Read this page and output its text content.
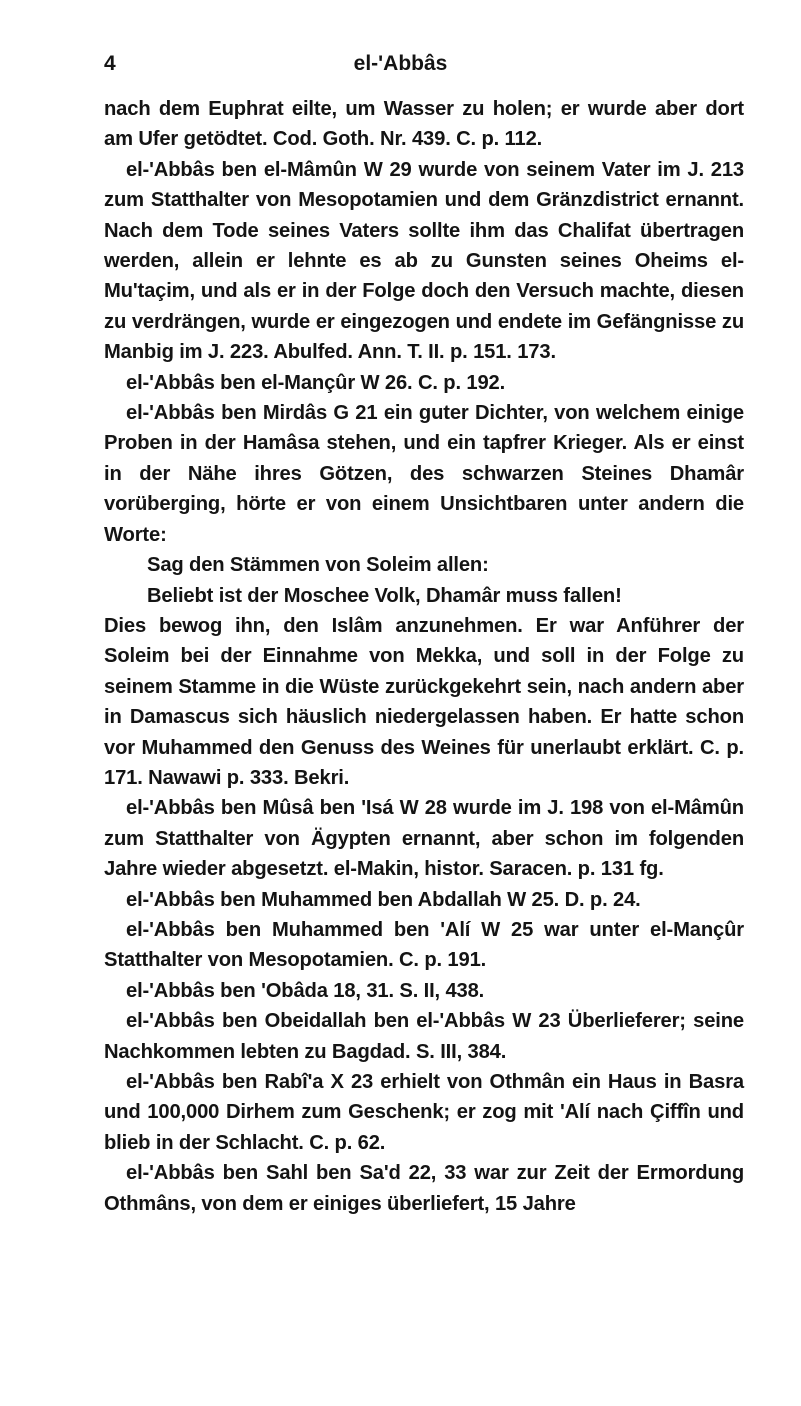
4	el-'Abbâs

nach dem Euphrat eilte, um Wasser zu holen; er wurde aber dort am Ufer getödtet. Cod. Goth. Nr. 439. C. p. 112.

el-'Abbâs ben el-Mâmûn W 29 wurde von seinem Vater im J. 213 zum Statthalter von Mesopotamien und dem Gränzdistrict ernannt. Nach dem Tode seines Vaters sollte ihm das Chalifat übertragen werden, allein er lehnte es ab zu Gunsten seines Oheims el-Mu'taçim, und als er in der Folge doch den Versuch machte, diesen zu verdrängen, wurde er eingezogen und endete im Gefängnisse zu Manbig im J. 223. Abulfed. Ann. T. II. p. 151. 173.

el-'Abbâs ben el-Mançûr W 26. C. p. 192.

el-'Abbâs ben Mirdâs G 21 ein guter Dichter, von welchem einige Proben in der Hamâsa stehen, und ein tapfrer Krieger. Als er einst in der Nähe ihres Götzen, des schwarzen Steines Dhamâr vorüberging, hörte er von einem Unsichtbaren unter andern die Worte:

Sag den Stämmen von Soleim allen:

Beliebt ist der Moschee Volk, Dhamâr muss fallen!

Dies bewog ihn, den Islâm anzunehmen. Er war Anführer der Soleim bei der Einnahme von Mekka, und soll in der Folge zu seinem Stamme in die Wüste zurückgekehrt sein, nach andern aber in Damascus sich häuslich niedergelassen haben. Er hatte schon vor Muhammed den Genuss des Weines für unerlaubt erklärt. C. p. 171. Nawawi p. 333. Bekri.

el-'Abbâs ben Mûsâ ben 'Isá W 28 wurde im J. 198 von el-Mâmûn zum Statthalter von Ägypten ernannt, aber schon im folgenden Jahre wieder abgesetzt. el-Makin, histor. Saracen. p. 131 fg.

el-'Abbâs ben Muhammed ben Abdallah W 25. D. p. 24.

el-'Abbâs ben Muhammed ben 'Alí W 25 war unter el-Mançûr Statthalter von Mesopotamien. C. p. 191.

el-'Abbâs ben 'Obâda 18, 31. S. II, 438.

el-'Abbâs ben Obeidallah ben el-'Abbâs W 23 Überlieferer; seine Nachkommen lebten zu Bagdad. S. III, 384.

el-'Abbâs ben Rabî'a X 23 erhielt von Othmân ein Haus in Basra und 100,000 Dirhem zum Geschenk; er zog mit 'Alí nach Çiffîn und blieb in der Schlacht. C. p. 62.

el-'Abbâs ben Sahl ben Sa'd 22, 33 war zur Zeit der Ermordung Othmâns, von dem er einiges überliefert, 15 Jahre
